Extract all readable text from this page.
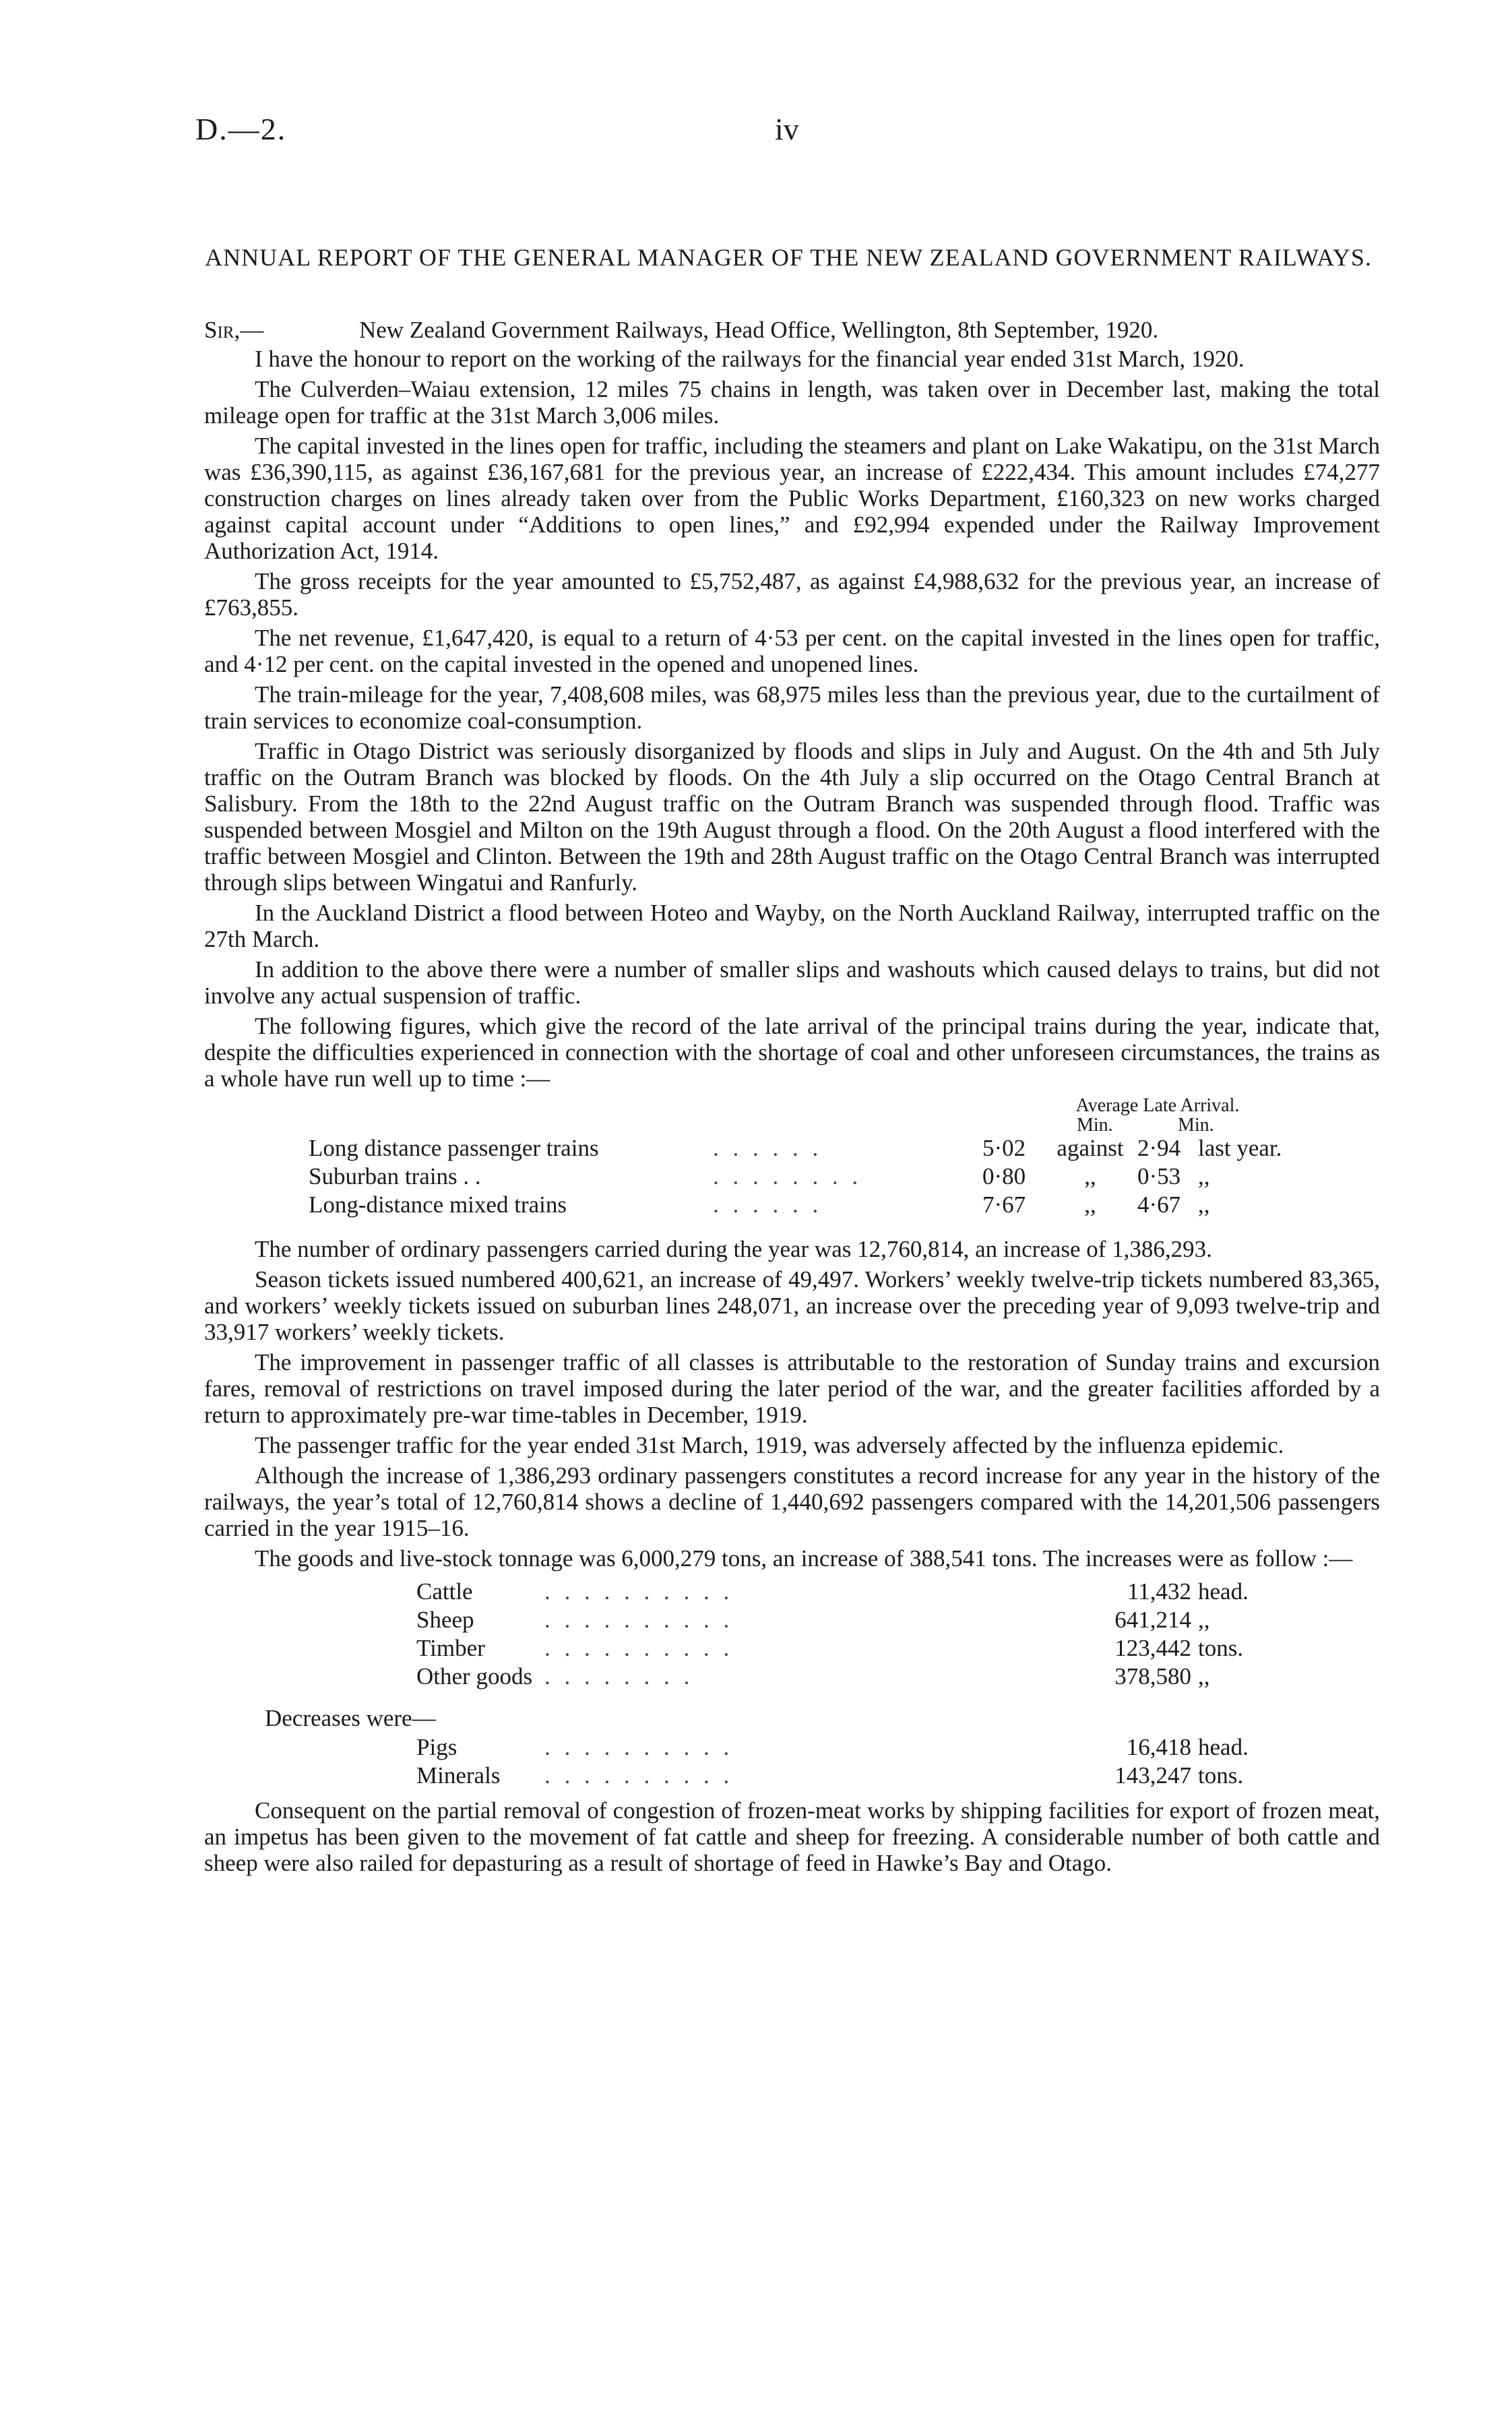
D.—2.	iv
ANNUAL REPORT OF THE GENERAL MANAGER OF THE NEW ZEALAND GOVERNMENT RAILWAYS.
Sir,—	New Zealand Government Railways, Head Office, Wellington, 8th September, 1920.

I have the honour to report on the working of the railways for the financial year ended 31st March, 1920.

The Culverden–Waiau extension, 12 miles 75 chains in length, was taken over in December last, making the total mileage open for traffic at the 31st March 3,006 miles.

The capital invested in the lines open for traffic, including the steamers and plant on Lake Wakatipu, on the 31st March was £36,390,115, as against £36,167,681 for the previous year, an increase of £222,434. This amount includes £74,277 construction charges on lines already taken over from the Public Works Department, £160,323 on new works charged against capital account under “Additions to open lines,” and £92,994 expended under the Railway Improvement Authorization Act, 1914.

The gross receipts for the year amounted to £5,752,487, as against £4,988,632 for the previous year, an increase of £763,855.

The net revenue, £1,647,420, is equal to a return of 4·53 per cent. on the capital invested in the lines open for traffic, and 4·12 per cent. on the capital invested in the opened and unopened lines.

The train-mileage for the year, 7,408,608 miles, was 68,975 miles less than the previous year, due to the curtailment of train services to economize coal-consumption.

Traffic in Otago District was seriously disorganized by floods and slips in July and August. On the 4th and 5th July traffic on the Outram Branch was blocked by floods. On the 4th July a slip occurred on the Otago Central Branch at Salisbury. From the 18th to the 22nd August traffic on the Outram Branch was suspended through flood. Traffic was suspended between Mosgiel and Milton on the 19th August through a flood. On the 20th August a flood interfered with the traffic between Mosgiel and Clinton. Between the 19th and 28th August traffic on the Otago Central Branch was interrupted through slips between Wingatui and Ranfurly.

In the Auckland District a flood between Hoteo and Wayby, on the North Auckland Railway, interrupted traffic on the 27th March.

In addition to the above there were a number of smaller slips and washouts which caused delays to trains, but did not involve any actual suspension of traffic.

The following figures, which give the record of the late arrival of the principal trains during the year, indicate that, despite the difficulties experienced in connection with the shortage of coal and other unforeseen circumstances, the trains as a whole have run well up to time :—

Average Late Arrival.
Min.	Min.
Long distance passenger trains	. . . . . .	5·02	against 2·94 last year.
Suburban trains . .	. . . . . . . .	0·80	,,	0·53 ,,
Long-distance mixed trains	. . . . . .	7·67	,,	4·67 ,,

The number of ordinary passengers carried during the year was 12,760,814, an increase of 1,386,293.

Season tickets issued numbered 400,621, an increase of 49,497. Workers’ weekly twelve-trip tickets numbered 83,365, and workers’ weekly tickets issued on suburban lines 248,071, an increase over the preceding year of 9,093 twelve-trip and 33,917 workers’ weekly tickets.

The improvement in passenger traffic of all classes is attributable to the restoration of Sunday trains and excursion fares, removal of restrictions on travel imposed during the later period of the war, and the greater facilities afforded by a return to approximately pre-war time-tables in December, 1919.

The passenger traffic for the year ended 31st March, 1919, was adversely affected by the influenza epidemic.

Although the increase of 1,386,293 ordinary passengers constitutes a record increase for any year in the history of the railways, the year’s total of 12,760,814 shows a decline of 1,440,692 passengers compared with the 14,201,506 passengers carried in the year 1915–16.

The goods and live-stock tonnage was 6,000,279 tons, an increase of 388,541 tons. The increases were as follow :—

Cattle	. . . . . . . . . .	11,432 head.
Sheep	. . . . . . . . . .	641,214 ,,
Timber	. . . . . . . . . .	123,442 tons.
Other goods . . . . . . . .	378,580 ,,
Decreases were—
Pigs	. . . . . . . . . .	16,418 head.
Minerals	. . . . . . . . . .	143,247 tons.

Consequent on the partial removal of congestion of frozen-meat works by shipping facilities for export of frozen meat, an impetus has been given to the movement of fat cattle and sheep for freezing. A considerable number of both cattle and sheep were also railed for depasturing as a result of shortage of feed in Hawke’s Bay and Otago.
